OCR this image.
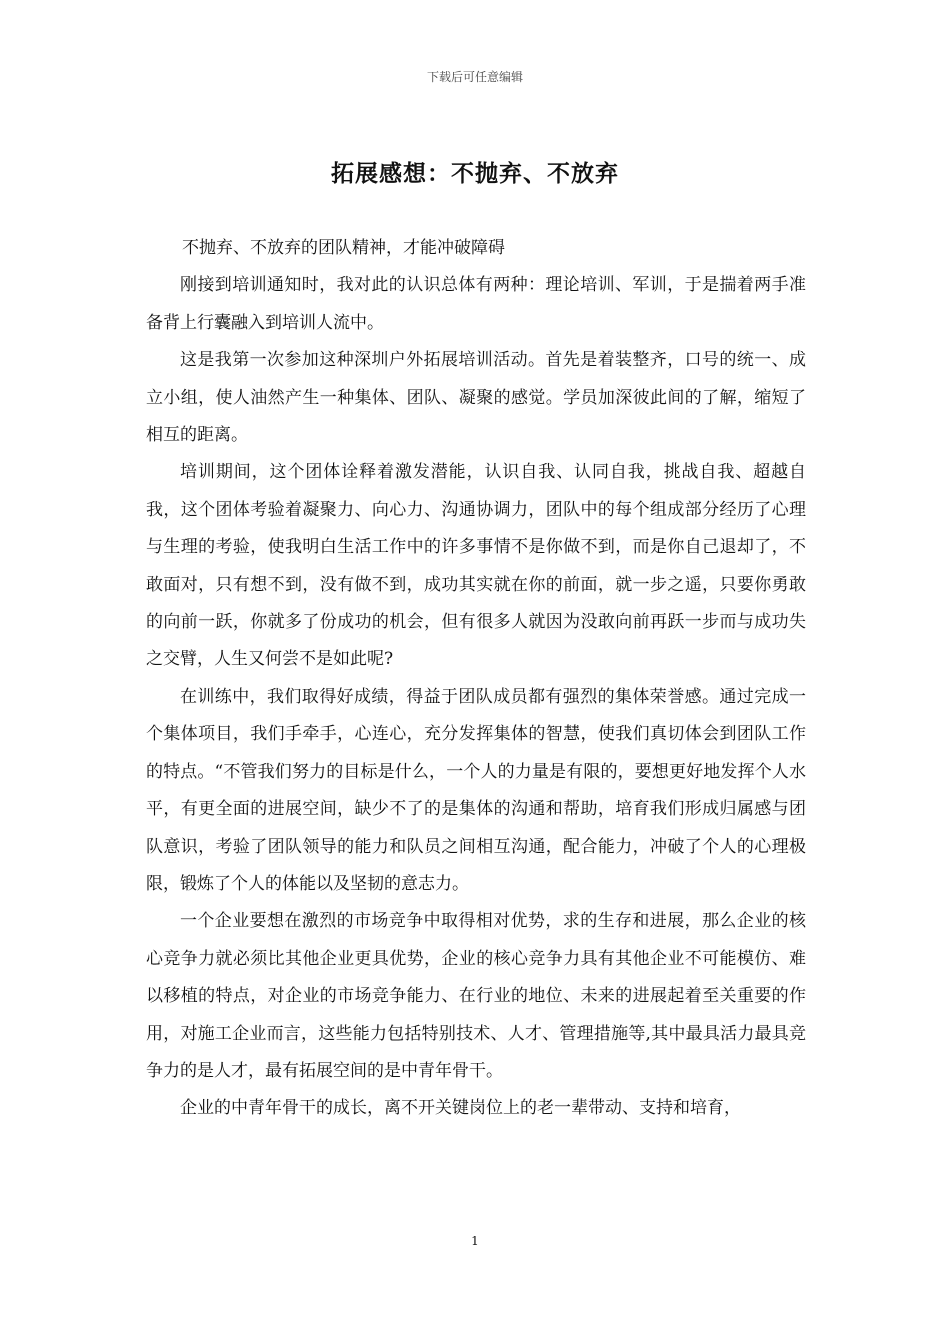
下载后可任意编辑
拓展感想：不抛弃、不放弃

不抛弃、不放弃的团队精神，才能冲破障碍

刚接到培训通知时，我对此的认识总体有两种：理论培训、军训，于是揣着两手准备背上行囊融入到培训人流中。

这是我第一次参加这种深圳户外拓展培训活动。首先是着装整齐，口号的统一、成立小组，使人油然产生一种集体、团队、凝聚的感觉。学员加深彼此间的了解，缩短了相互的距离。

培训期间，这个团体诠释着激发潜能，认识自我、认同自我，挑战自我、超越自我，这个团体考验着凝聚力、向心力、沟通协调力，团队中的每个组成部分经历了心理与生理的考验，使我明白生活工作中的许多事情不是你做不到，而是你自己退却了，不敢面对，只有想不到，没有做不到，成功其实就在你的前面，就一步之遥，只要你勇敢的向前一跃，你就多了份成功的机会，但有很多人就因为没敢向前再跃一步而与成功失之交臂，人生又何尝不是如此呢?

在训练中，我们取得好成绩，得益于团队成员都有强烈的集体荣誉感。通过完成一个集体项目，我们手牵手，心连心，充分发挥集体的智慧，使我们真切体会到团队工作的特点。“不管我们努力的目标是什么，一个人的力量是有限的，要想更好地发挥个人水平，有更全面的进展空间，缺少不了的是集体的沟通和帮助，培育我们形成归属感与团队意识，考验了团队领导的能力和队员之间相互沟通，配合能力，冲破了个人的心理极限，锻炼了个人的体能以及坚韧的意志力。

一个企业要想在激烈的市场竞争中取得相对优势，求的生存和进展，那么企业的核心竞争力就必须比其他企业更具优势，企业的核心竞争力具有其他企业不可能模仿、难以移植的特点，对企业的市场竞争能力、在行业的地位、未来的进展起着至关重要的作用，对施工企业而言，这些能力包括特别技术、人才、管理措施等,其中最具活力最具竞争力的是人才，最有拓展空间的是中青年骨干。

企业的中青年骨干的成长，离不开关键岗位上的老一辈带动、支持和培育，

1
